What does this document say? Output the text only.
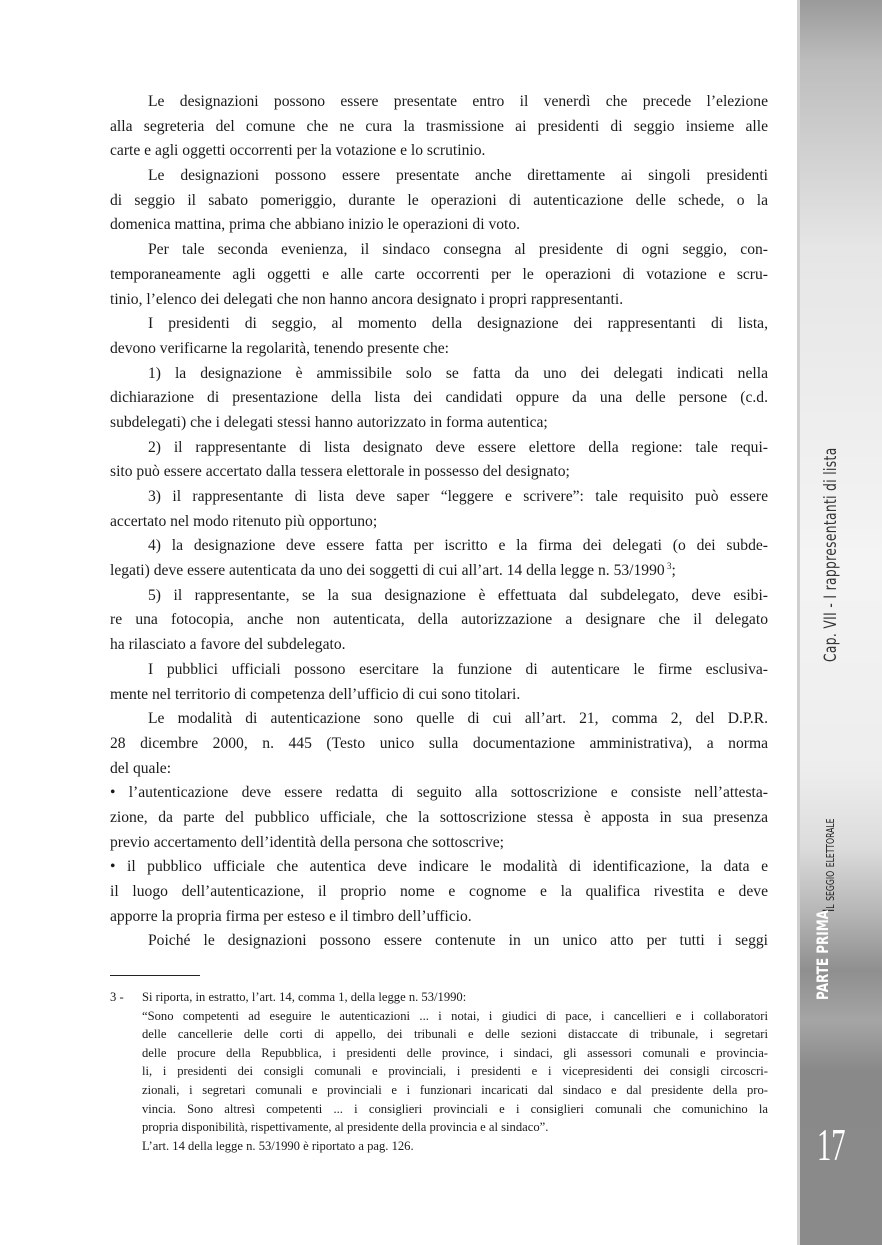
Le designazioni possono essere presentate entro il venerdì che precede l’elezione
alla segreteria del comune che ne cura la trasmissione ai presidenti di seggio insieme alle
carte e agli oggetti occorrenti per la votazione e lo scrutinio.
Le designazioni possono essere presentate anche direttamente ai singoli presidenti
di seggio il sabato pomeriggio, durante le operazioni di autenticazione delle schede, o la
domenica mattina, prima che abbiano inizio le operazioni di voto.
Per tale seconda evenienza, il sindaco consegna al presidente di ogni seggio, con-
temporaneamente agli oggetti e alle carte occorrenti per le operazioni di votazione e scru-
tinio, l’elenco dei delegati che non hanno ancora designato i propri rappresentanti.
I presidenti di seggio, al momento della designazione dei rappresentanti di lista,
devono verificarne la regolarità, tenendo presente che:
1) la designazione è ammissibile solo se fatta da uno dei delegati indicati nella
dichiarazione di presentazione della lista dei candidati oppure da una delle persone (c.d.
subdelegati) che i delegati stessi hanno autorizzato in forma autentica;
2) il rappresentante di lista designato deve essere elettore della regione: tale requi-
sito può essere accertato dalla tessera elettorale in possesso del designato;
3) il rappresentante di lista deve saper “leggere e scrivere”: tale requisito può essere
accertato nel modo ritenuto più opportuno;
4) la designazione deve essere fatta per iscritto e la firma dei delegati (o dei subde-
legati) deve essere autenticata da uno dei soggetti di cui all’art. 14 della legge n. 53/1990 $^3$;
5) il rappresentante, se la sua designazione è effettuata dal subdelegato, deve esibi-
re una fotocopia, anche non autenticata, della autorizzazione a designare che il delegato
ha rilasciato a favore del subdelegato.
I pubblici ufficiali possono esercitare la funzione di autenticare le firme esclusiva-
mente nel territorio di competenza dell’ufficio di cui sono titolari.
Le modalità di autenticazione sono quelle di cui all’art. 21, comma 2, del D.P.R.
28 dicembre 2000, n. 445 (Testo unico sulla documentazione amministrativa), a norma
del quale:
• l’autenticazione deve essere redatta di seguito alla sottoscrizione e consiste nell’attesta-
zione, da parte del pubblico ufficiale, che la sottoscrizione stessa è apposta in sua presenza
previo accertamento dell’identità della persona che sottoscrive;
• il pubblico ufficiale che autentica deve indicare le modalità di identificazione, la data e
il luogo dell’autenticazione, il proprio nome e cognome e la qualifica rivestita e deve
apporre la propria firma per esteso e il timbro dell’ufficio.
Poiché le designazioni possono essere contenute in un unico atto per tutti i seggi
3 - Si riporta, in estratto, l’art. 14, comma 1, della legge n. 53/1990:
“Sono competenti ad eseguire le autenticazioni ... i notai, i giudici di pace, i cancellieri e i collaboratori
delle cancellerie delle corti di appello, dei tribunali e delle sezioni distaccate di tribunale, i segretari
delle procure della Repubblica, i presidenti delle province, i sindaci, gli assessori comunali e provincia-
li, i presidenti dei consigli comunali e provinciali, i presidenti e i vicepresidenti dei consigli circoscri-
zionali, i segretari comunali e provinciali e i funzionari incaricati dal sindaco e dal presidente della pro-
vincia. Sono altresì competenti ... i consiglieri provinciali e i consiglieri comunali che comunichino la
propria disponibilità, rispettivamente, al presidente della provincia e al sindaco”.
L’art. 14 della legge n. 53/1990 è riportato a pag. 126.
Cap. VII - I rappresentanti di lista
Il seggio elettorale
PARTE PRIMA
17
